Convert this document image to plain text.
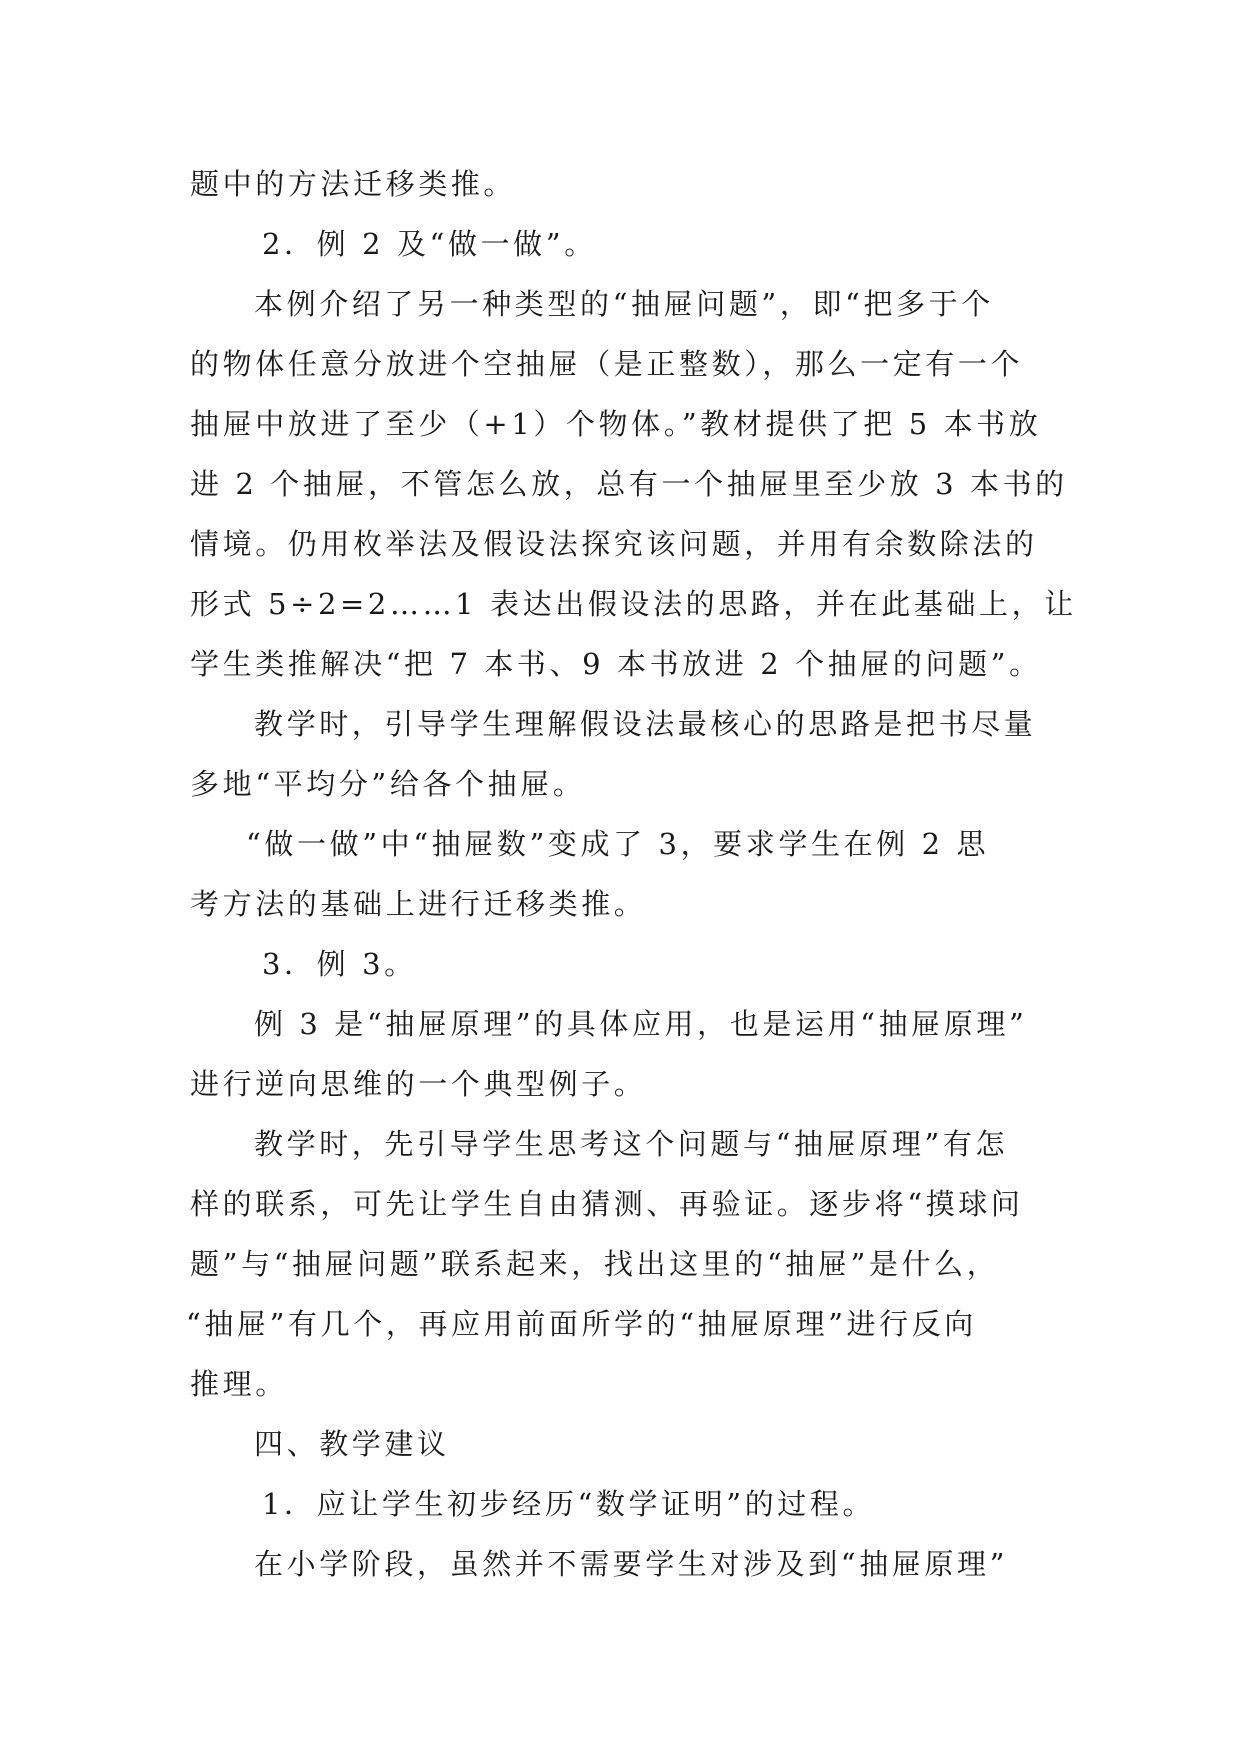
题中的方法迁移类推。
2．例 2 及“做一做”。
本例介绍了另一种类型的“抽屉问题”，即“把多于个
的物体任意分放进个空抽屉（是正整数），那么一定有一个
抽屉中放进了至少（+1）个物体。”教材提供了把 5 本书放
进 2 个抽屉，不管怎么放，总有一个抽屉里至少放 3 本书的
情境。仍用枚举法及假设法探究该问题，并用有余数除法的
形式 5÷2=2……1 表达出假设法的思路，并在此基础上，让
学生类推解决“把 7 本书、9 本书放进 2 个抽屉的问题”。
教学时，引导学生理解假设法最核心的思路是把书尽量
多地“平均分”给各个抽屉。
“做一做”中“抽屉数”变成了 3，要求学生在例 2 思
考方法的基础上进行迁移类推。
3．例 3。
例 3 是“抽屉原理”的具体应用，也是运用“抽屉原理”
进行逆向思维的一个典型例子。
教学时，先引导学生思考这个问题与“抽屉原理”有怎
样的联系，可先让学生自由猜测、再验证。逐步将“摸球问
题”与“抽屉问题”联系起来，找出这里的“抽屉”是什么，
“抽屉”有几个，再应用前面所学的“抽屉原理”进行反向
推理。
四、教学建议
1．应让学生初步经历“数学证明”的过程。
在小学阶段，虽然并不需要学生对涉及到“抽屉原理”
